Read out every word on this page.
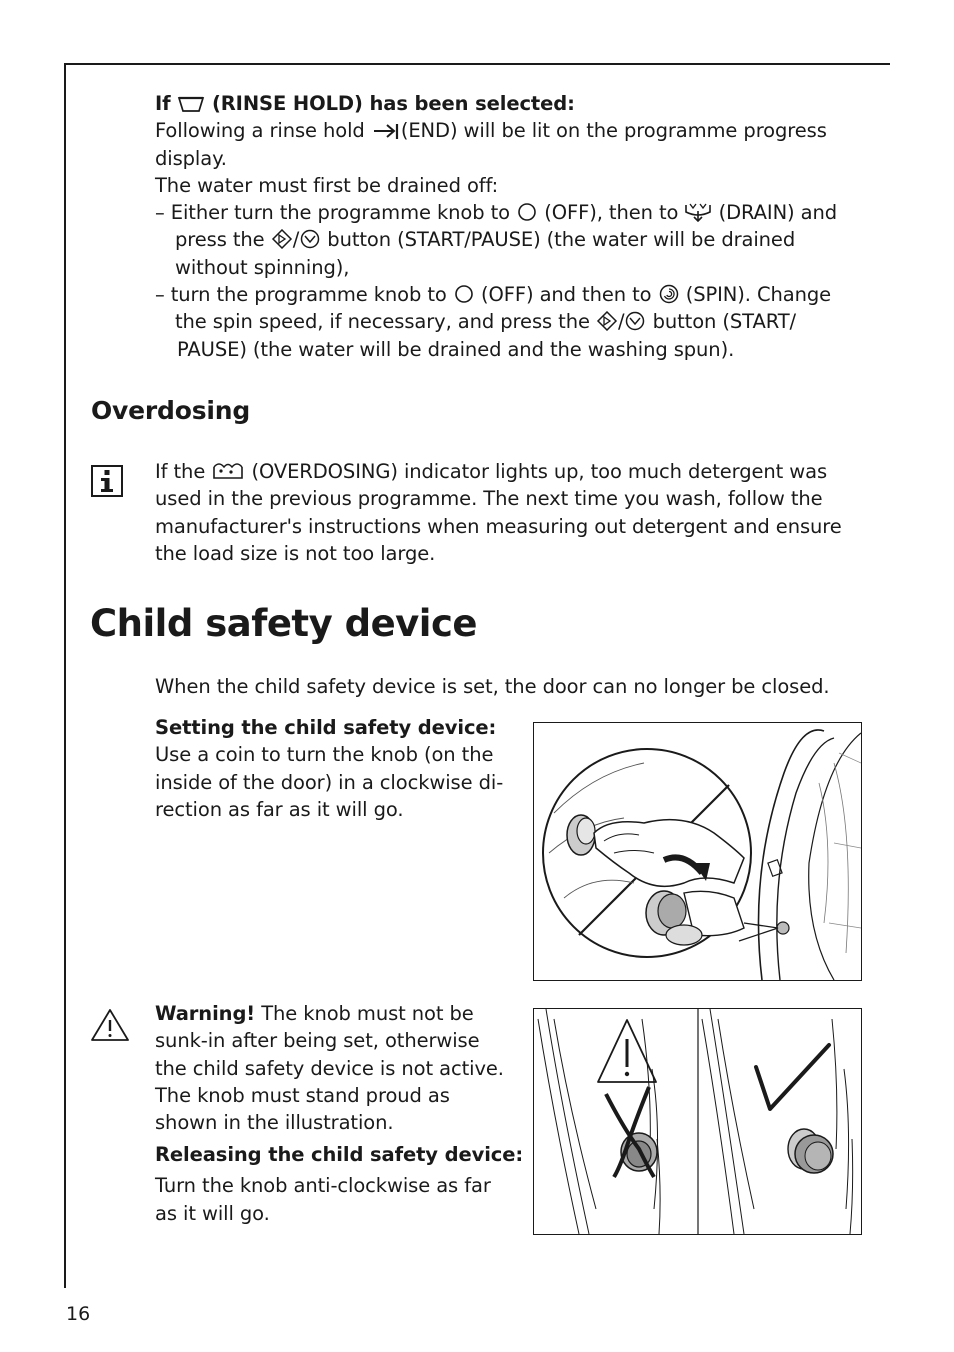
If (RINSE HOLD) has been selected:
Following a rinse hold (END) will be lit on the programme progress
display.
The water must first be drained off:
– Either turn the programme knob to (OFF), then to (DRAIN) and
press the / button (START/PAUSE) (the water will be drained
without spinning),
– turn the programme knob to (OFF) and then to (SPIN). Change
the spin speed, if necessary, and press the / button (START/
PAUSE) (the water will be drained and the washing spun).
Overdosing
If the (OVERDOSING) indicator lights up, too much detergent was
used in the previous programme. The next time you wash, follow the
manufacturer's instructions when measuring out detergent and ensure
the load size is not too large.
Child safety device
When the child safety device is set, the door can no longer be closed.
Setting the child safety device:
Use a coin to turn the knob (on the
inside of the door) in a clockwise di-
rection as far as it will go.
Warning! The knob must not be
sunk-in after being set, otherwise
the child safety device is not active.
The knob must stand proud as
shown in the illustration.
Releasing the child safety device:
Turn the knob anti-clockwise as far
as it will go.
16
